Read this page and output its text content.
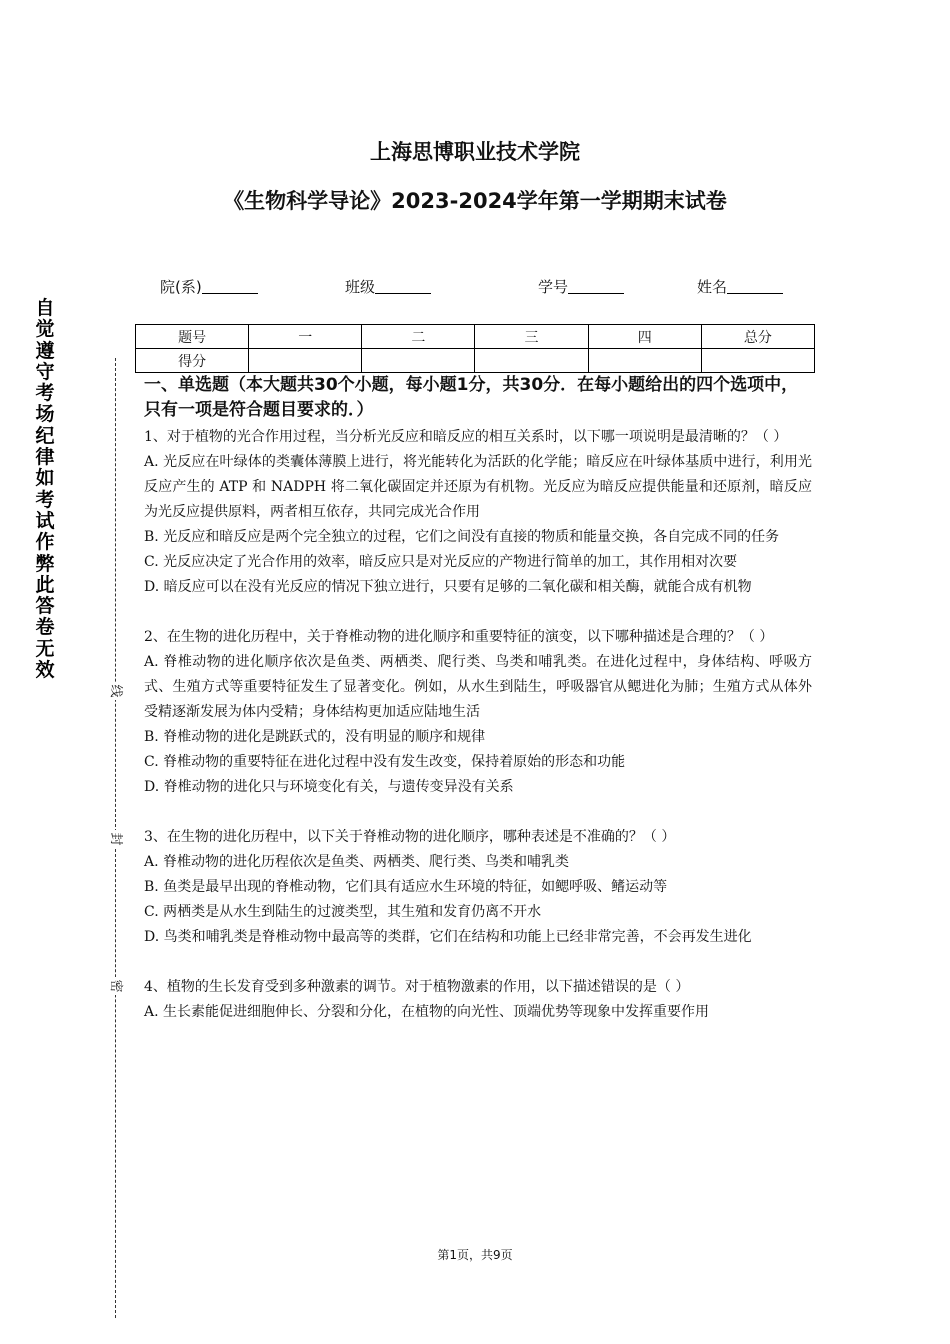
自觉遵守考场纪律如考试作弊此答卷无效
线
封
密
上海思博职业技术学院
《生物科学导论》2023-2024学年第一学期期末试卷
院(系)	班级	学号	姓名
题号	一	二	三	四	总分
得分					

一、单选题（本大题共30个小题，每小题1分，共30分．在每小题给出的四个选项中，只有一项是符合题目要求的．）

1、对于植物的光合作用过程，当分析光反应和暗反应的相互关系时，以下哪一项说明是最清晰的？（ ）

A. 光反应在叶绿体的类囊体薄膜上进行，将光能转化为活跃的化学能；暗反应在叶绿体基质中进行，利用光反应产生的 ATP 和 NADPH 将二氧化碳固定并还原为有机物。光反应为暗反应提供能量和还原剂，暗反应为光反应提供原料，两者相互依存，共同完成光合作用

B. 光反应和暗反应是两个完全独立的过程，它们之间没有直接的物质和能量交换，各自完成不同的任务

C. 光反应决定了光合作用的效率，暗反应只是对光反应的产物进行简单的加工，其作用相对次要

D. 暗反应可以在没有光反应的情况下独立进行，只要有足够的二氧化碳和相关酶，就能合成有机物

2、在生物的进化历程中，关于脊椎动物的进化顺序和重要特征的演变，以下哪种描述是合理的？（ ）

A. 脊椎动物的进化顺序依次是鱼类、两栖类、爬行类、鸟类和哺乳类。在进化过程中，身体结构、呼吸方式、生殖方式等重要特征发生了显著变化。例如，从水生到陆生，呼吸器官从鳃进化为肺；生殖方式从体外受精逐渐发展为体内受精；身体结构更加适应陆地生活

B. 脊椎动物的进化是跳跃式的，没有明显的顺序和规律

C. 脊椎动物的重要特征在进化过程中没有发生改变，保持着原始的形态和功能

D. 脊椎动物的进化只与环境变化有关，与遗传变异没有关系

3、在生物的进化历程中，以下关于脊椎动物的进化顺序，哪种表述是不准确的？（ ）

A. 脊椎动物的进化历程依次是鱼类、两栖类、爬行类、鸟类和哺乳类

B. 鱼类是最早出现的脊椎动物，它们具有适应水生环境的特征，如鳃呼吸、鳍运动等

C. 两栖类是从水生到陆生的过渡类型，其生殖和发育仍离不开水

D. 鸟类和哺乳类是脊椎动物中最高等的类群，它们在结构和功能上已经非常完善，不会再发生进化

4、植物的生长发育受到多种激素的调节。对于植物激素的作用，以下描述错误的是（ ）

A. 生长素能促进细胞伸长、分裂和分化，在植物的向光性、顶端优势等现象中发挥重要作用

第1页，共9页
